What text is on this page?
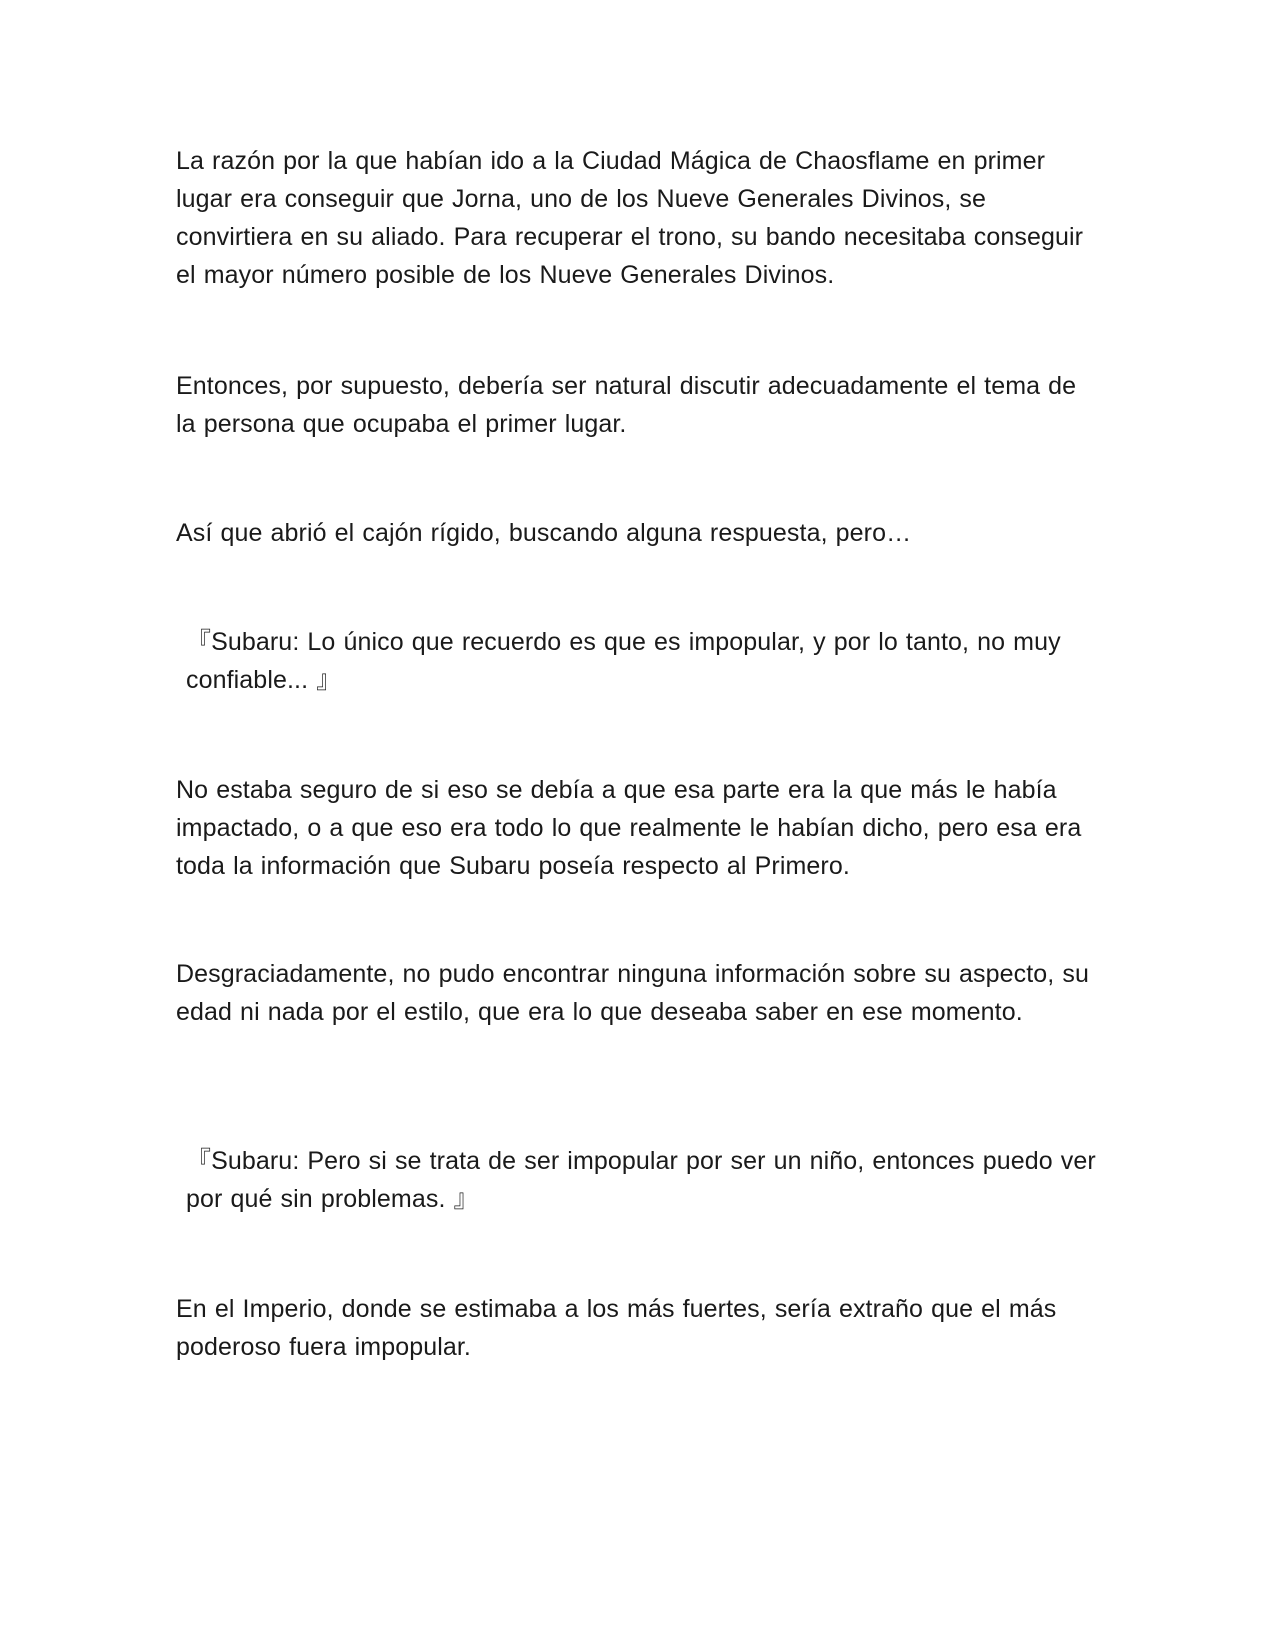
La razón por la que habían ido a la Ciudad Mágica de Chaosflame en primer lugar era conseguir que Jorna, uno de los Nueve Generales Divinos, se convirtiera en su aliado. Para recuperar el trono, su bando necesitaba conseguir el mayor número posible de los Nueve Generales Divinos.

Entonces, por supuesto, debería ser natural discutir adecuadamente el tema de la persona que ocupaba el primer lugar.

Así que abrió el cajón rígido, buscando alguna respuesta, pero…

『Subaru: Lo único que recuerdo es que es impopular, y por lo tanto, no muy confiable... 』

No estaba seguro de si eso se debía a que esa parte era la que más le había impactado, o a que eso era todo lo que realmente le habían dicho, pero esa era toda la información que Subaru poseía respecto al Primero.

Desgraciadamente, no pudo encontrar ninguna información sobre su aspecto, su edad ni nada por el estilo, que era lo que deseaba saber en ese momento.

『Subaru: Pero si se trata de ser impopular por ser un niño, entonces puedo ver por qué sin problemas. 』

En el Imperio, donde se estimaba a los más fuertes, sería extraño que el más poderoso fuera impopular.
